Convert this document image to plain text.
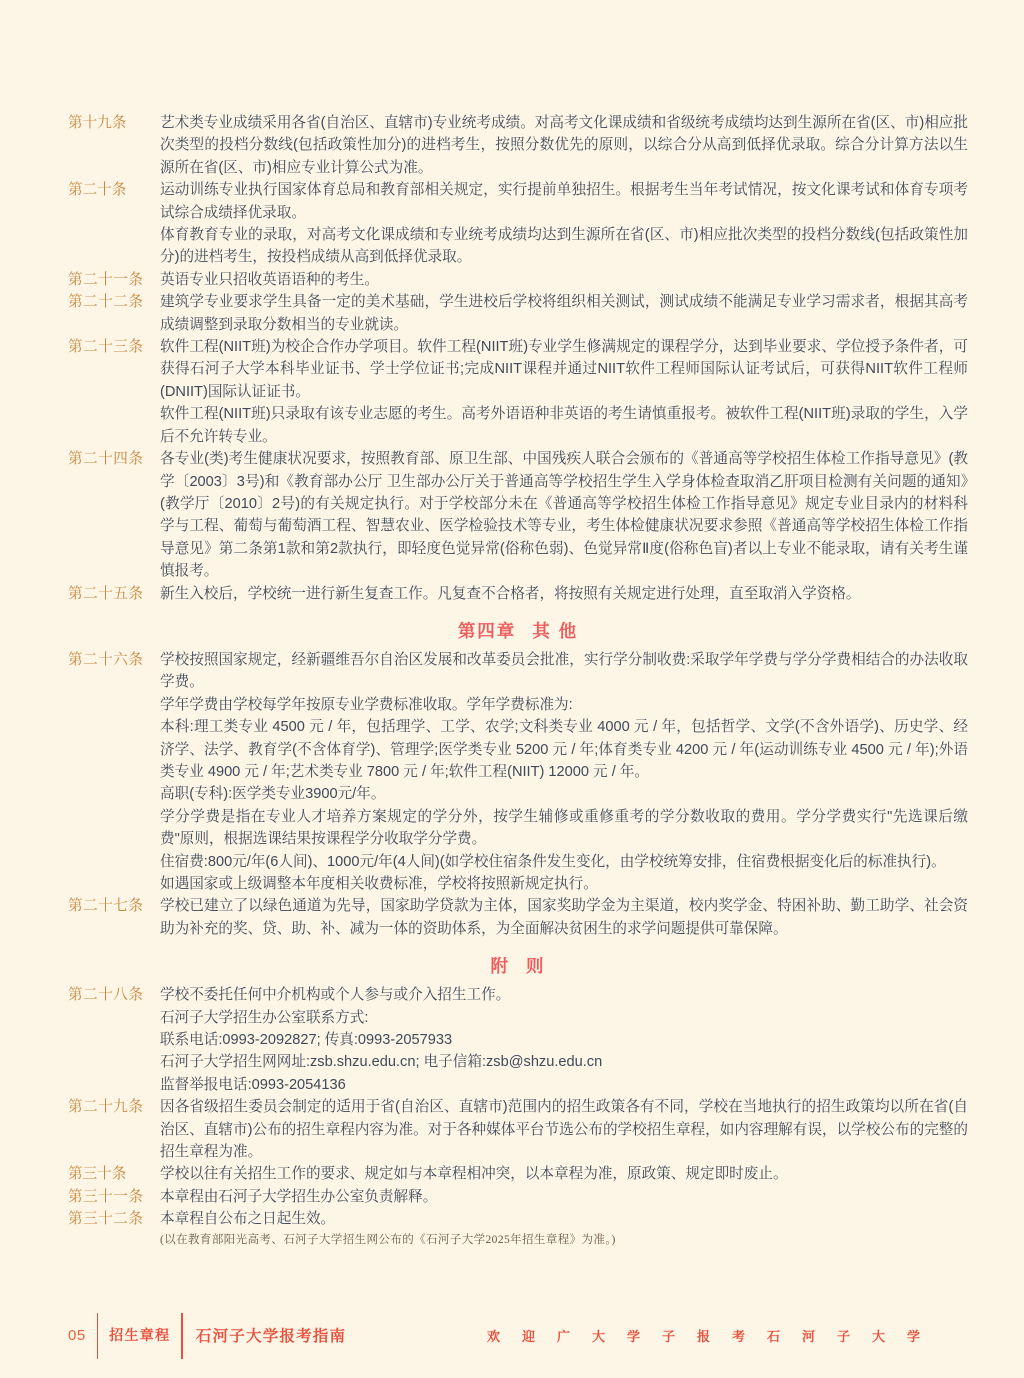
第十九条	艺术类专业成绩采用各省(自治区、直辖市)专业统考成绩。对高考文化课成绩和省级统考成绩均达到生源所在省(区、市)相应批次类型的投档分数线(包括政策性加分)的进档考生，按照分数优先的原则，以综合分从高到低择优录取。综合分计算方法以生源所在省(区、市)相应专业计算公式为准。

第二十条	运动训练专业执行国家体育总局和教育部相关规定，实行提前单独招生。根据考生当年考试情况，按文化课考试和体育专项考试综合成绩择优录取。

体育教育专业的录取，对高考文化课成绩和专业统考成绩均达到生源所在省(区、市)相应批次类型的投档分数线(包括政策性加分)的进档考生，按投档成绩从高到低择优录取。

第二十一条	英语专业只招收英语语种的考生。

第二十二条	建筑学专业要求学生具备一定的美术基础，学生进校后学校将组织相关测试，测试成绩不能满足专业学习需求者，根据其高考成绩调整到录取分数相当的专业就读。

第二十三条	软件工程(NIIT班)为校企合作办学项目。软件工程(NIIT班)专业学生修满规定的课程学分，达到毕业要求、学位授予条件者，可获得石河子大学本科毕业证书、学士学位证书;完成NIIT课程并通过NIIT软件工程师国际认证考试后，可获得NIIT软件工程师(DNIIT)国际认证证书。

软件工程(NIIT班)只录取有该专业志愿的考生。高考外语语种非英语的考生请慎重报考。被软件工程(NIIT班)录取的学生，入学后不允许转专业。

第二十四条	各专业(类)考生健康状况要求，按照教育部、原卫生部、中国残疾人联合会颁布的《普通高等学校招生体检工作指导意见》(教学〔2003〕3号)和《教育部办公厅 卫生部办公厅关于普通高等学校招生学生入学身体检查取消乙肝项目检测有关问题的通知》(教学厅〔2010〕2号)的有关规定执行。对于学校部分未在《普通高等学校招生体检工作指导意见》规定专业目录内的材料科学与工程、葡萄与葡萄酒工程、智慧农业、医学检验技术等专业，考生体检健康状况要求参照《普通高等学校招生体检工作指导意见》第二条第1款和第2款执行，即轻度色觉异常(俗称色弱)、色觉异常Ⅱ度(俗称色盲)者以上专业不能录取，请有关考生谨慎报考。

第二十五条	新生入校后，学校统一进行新生复查工作。凡复查不合格者，将按照有关规定进行处理，直至取消入学资格。

第四章 其 他
第二十六条	学校按照国家规定，经新疆维吾尔自治区发展和改革委员会批准，实行学分制收费:采取学年学费与学分学费相结合的办法收取学费。

学年学费由学校每学年按原专业学费标准收取。学年学费标准为:

本科:理工类专业 4500 元 / 年，包括理学、工学、农学;文科类专业 4000 元 / 年，包括哲学、文学(不含外语学)、历史学、经济学、法学、教育学(不含体育学)、管理学;医学类专业 5200 元 / 年;体育类专业 4200 元 / 年(运动训练专业 4500 元 / 年);外语类专业 4900 元 / 年;艺术类专业 7800 元 / 年;软件工程(NIIT) 12000 元 / 年。

高职(专科):医学类专业3900元/年。

学分学费是指在专业人才培养方案规定的学分外，按学生辅修或重修重考的学分数收取的费用。学分学费实行"先选课后缴费"原则，根据选课结果按课程学分收取学分学费。

住宿费:800元/年(6人间)、1000元/年(4人间)(如学校住宿条件发生变化，由学校统筹安排，住宿费根据变化后的标准执行)。

如遇国家或上级调整本年度相关收费标准，学校将按照新规定执行。

第二十七条	学校已建立了以绿色通道为先导，国家助学贷款为主体，国家奖助学金为主渠道，校内奖学金、特困补助、勤工助学、社会资助为补充的奖、贷、助、补、减为一体的资助体系，为全面解决贫困生的求学问题提供可靠保障。

附 则
第二十八条	学校不委托任何中介机构或个人参与或介入招生工作。

石河子大学招生办公室联系方式:

联系电话:0993-2092827; 传真:0993-2057933

石河子大学招生网网址:zsb.shzu.edu.cn; 电子信箱:zsb@shzu.edu.cn

监督举报电话:0993-2054136

第二十九条	因各省级招生委员会制定的适用于省(自治区、直辖市)范围内的招生政策各有不同，学校在当地执行的招生政策均以所在省(自治区、直辖市)公布的招生章程内容为准。对于各种媒体平台节选公布的学校招生章程，如内容理解有误，以学校公布的完整的招生章程为准。

第三十条	学校以往有关招生工作的要求、规定如与本章程相冲突，以本章程为准，原政策、规定即时废止。

第三十一条	本章程由石河子大学招生办公室负责解释。

第三十二条	本章程自公布之日起生效。

(以在教育部阳光高考、石河子大学招生网公布的《石河子大学2025年招生章程》为准。)
05	招生章程	石河子大学报考指南	欢迎广大学子报考石河子大学
